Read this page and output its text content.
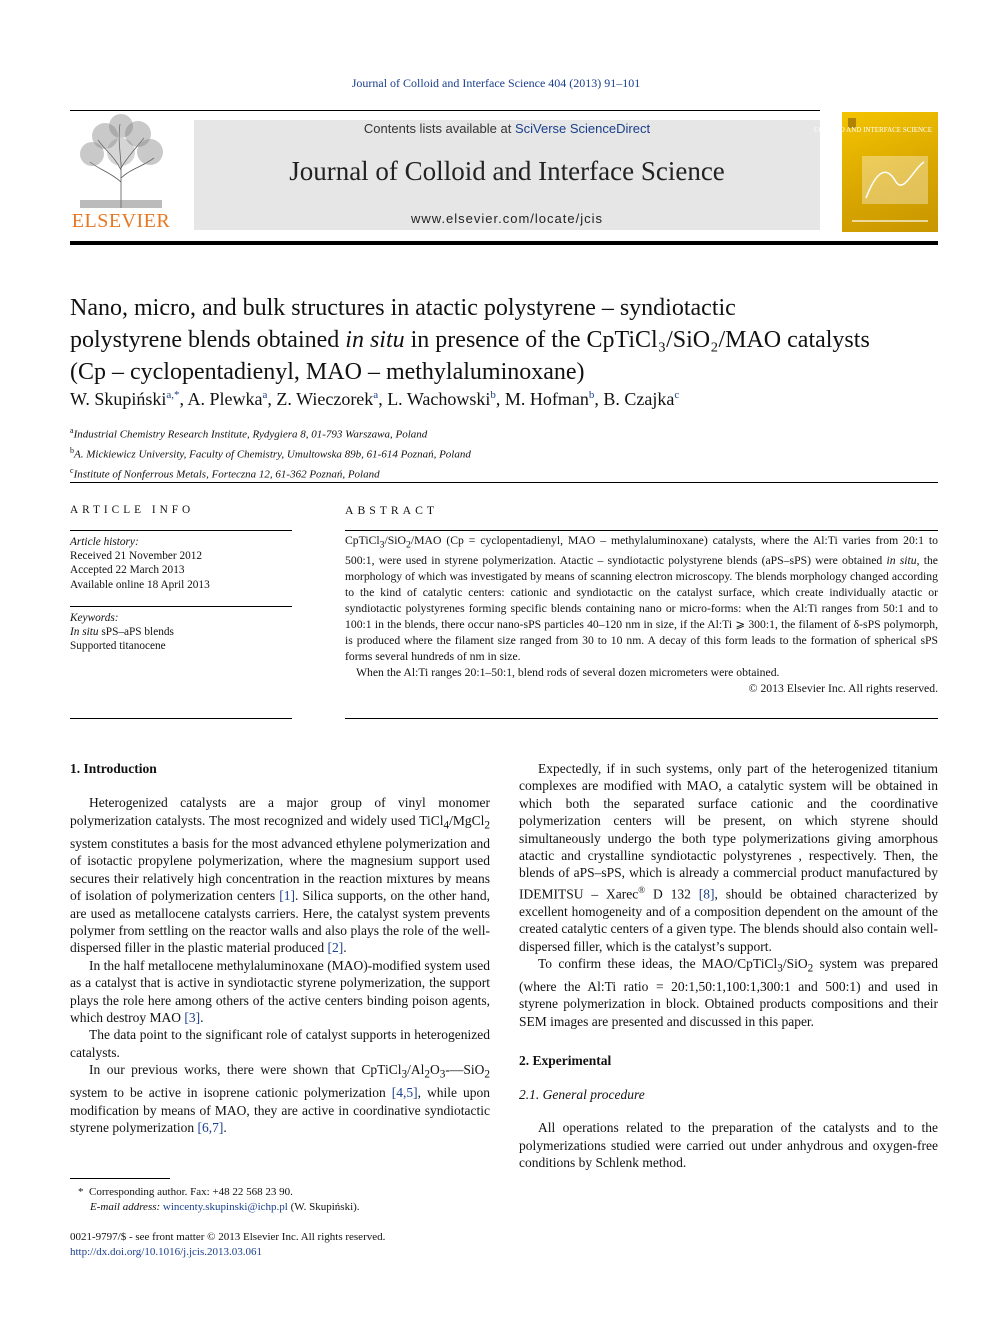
Journal of Colloid and Interface Science 404 (2013) 91–101
ELSEVIER
Contents lists available at SciVerse ScienceDirect
Journal of Colloid and Interface Science
www.elsevier.com/locate/jcis
COLLOID AND INTERFACE SCIENCE
Nano, micro, and bulk structures in atactic polystyrene – syndiotactic
polystyrene blends obtained in situ in presence of the CpTiCl₃/SiO₂/MAO catalysts
(Cp – cyclopentadienyl, MAO – methylaluminoxane)
W. Skupiński$^{a,*}$, A. Plewka$^a$, Z. Wieczorek$^a$, L. Wachowski$^b$, M. Hofman$^b$, B. Czajka$^c$
$^a$Industrial Chemistry Research Institute, Rydygiera 8, 01-793 Warszawa, Poland
$^b$A. Mickiewicz University, Faculty of Chemistry, Umultowska 89b, 61-614 Poznań, Poland
$^c$Institute of Nonferrous Metals, Forteczna 12, 61-362 Poznań, Poland
ARTICLE INFO
Article history:
Received 21 November 2012
Accepted 22 March 2013
Available online 18 April 2013
Keywords:
In situ sPS–aPS blends
Supported titanocene
ABSTRACT

CpTiCl$_3$/SiO$_2$/MAO (Cp = cyclopentadienyl, MAO – methylaluminoxane) catalysts, where the Al:Ti varies from 20:1 to 500:1, were used in styrene polymerization. Atactic – syndiotactic polystyrene blends (aPS–sPS) were obtained in situ, the morphology of which was investigated by means of scanning electron microscopy. The blends morphology changed according to the kind of catalytic centers: cationic and syndiotactic on the catalyst surface, which create individually atactic or syndiotactic polystyrenes forming specific blends containing nano or micro-forms: when the Al:Ti ranges from 50:1 and to 100:1 in the blends, there occur nano-sPS particles 40–120 nm in size, if the Al:Ti ⩾ 300:1, the filament of δ-sPS polymorph, is produced where the filament size ranged from 30 to 10 nm. A decay of this form leads to the formation of spherical sPS forms several hundreds of nm in size.

When the Al:Ti ranges 20:1–50:1, blend rods of several dozen micrometers were obtained.

© 2013 Elsevier Inc. All rights reserved.
1. Introduction

Heterogenized catalysts are a major group of vinyl monomer polymerization catalysts. The most recognized and widely used TiCl$_4$/MgCl$_2$ system constitutes a basis for the most advanced ethylene polymerization and of isotactic propylene polymerization, where the magnesium support used secures their relatively high concentration in the reaction mixtures by means of isolation of polymerization centers [1]. Silica supports, on the other hand, are used as metallocene catalysts carriers. Here, the catalyst system prevents polymer from settling on the reactor walls and also plays the role of the well-dispersed filler in the plastic material produced [2].

In the half metallocene methylaluminoxane (MAO)-modified system used as a catalyst that is active in syndiotactic styrene polymerization, the support plays the role here among others of the active centers binding poison agents, which destroy MAO [3].

The data point to the significant role of catalyst supports in heterogenized catalysts.

In our previous works, there were shown that $CpTiCl_3/Al_2O_3-—SiO_2$ system to be active in isoprene cationic polymerization [4,5], while upon modification by means of MAO, they are active in coordinative syndiotactic styrene polymerization [6,7].

Expectedly, if in such systems, only part of the heterogenized titanium complexes are modified with MAO, a catalytic system will be obtained in which both the separated surface cationic and the coordinative polymerization centers will be present, on which styrene should simultaneously undergo the both type polymerizations giving amorphous atactic and crystalline syndiotactic polystyrenes , respectively. Then, the blends of aPS–sPS, which is already a commercial product manufactured by IDEMITSU – Xarec® D 132 [8], should be obtained characterized by excellent homogeneity and of a composition dependent on the amount of the created catalytic centers of a given type. The blends should also contain well-dispersed filler, which is the catalyst’s support.

To confirm these ideas, the MAO/CpTiCl$_3$/SiO$_2$ system was prepared (where the Al:Ti ratio = 20:1,50:1,100:1,300:1 and 500:1) and used in styrene polymerization in block. Obtained products compositions and their SEM images are presented and discussed in this paper.

2. Experimental
2.1. General procedure

All operations related to the preparation of the catalysts and to the polymerizations studied were carried out under anhydrous and oxygen-free conditions by Schlenk method.

* Corresponding author. Fax: +48 22 568 23 90.
E-mail address: wincenty.skupinski@ichp.pl (W. Skupiński).
0021-9797/$ - see front matter © 2013 Elsevier Inc. All rights reserved.
http://dx.doi.org/10.1016/j.jcis.2013.03.061
